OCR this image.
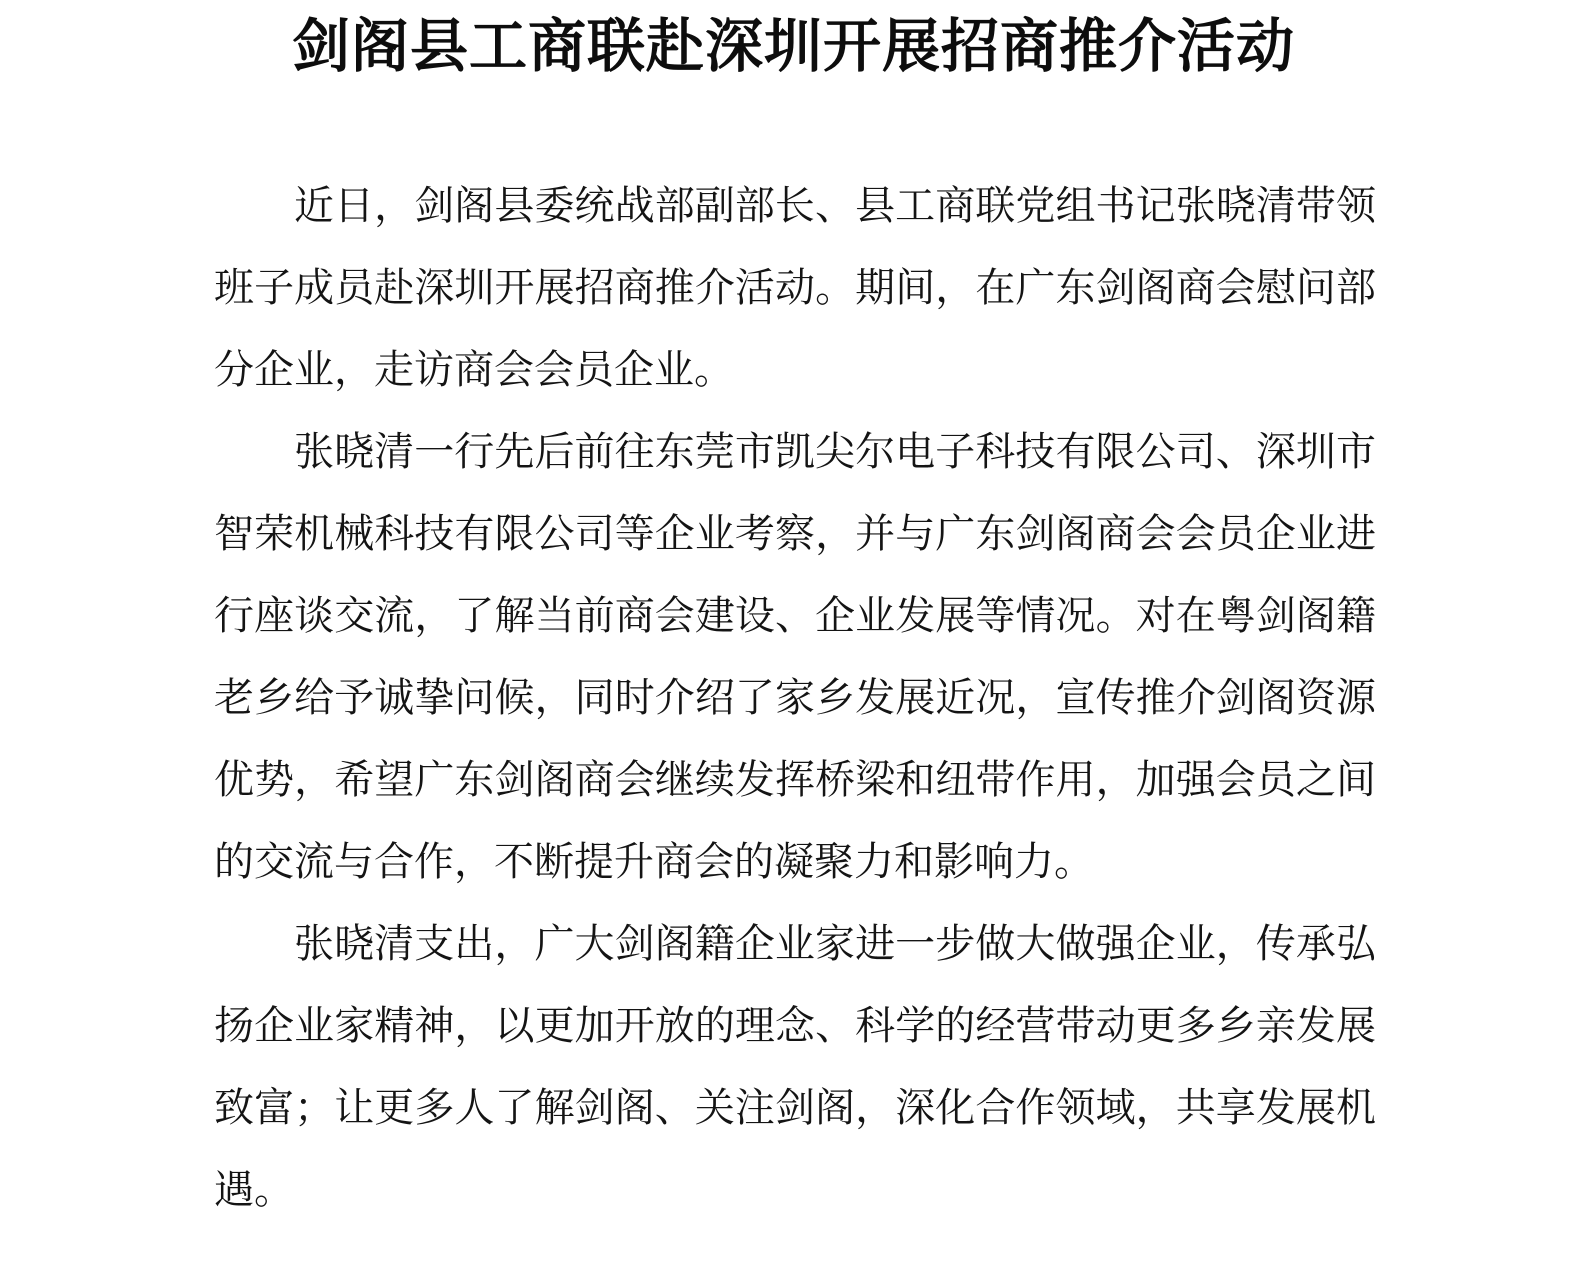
剑阁县工商联赴深圳开展招商推介活动

近日，剑阁县委统战部副部长、县工商联党组书记张晓清带领班子成员赴深圳开展招商推介活动。期间，在广东剑阁商会慰问部分企业，走访商会会员企业。

张晓清一行先后前往东莞市凯尖尔电子科技有限公司、深圳市智荣机械科技有限公司等企业考察，并与广东剑阁商会会员企业进行座谈交流，了解当前商会建设、企业发展等情况。对在粤剑阁籍老乡给予诚挚问候，同时介绍了家乡发展近况，宣传推介剑阁资源优势，希望广东剑阁商会继续发挥桥梁和纽带作用，加强会员之间的交流与合作，不断提升商会的凝聚力和影响力。

张晓清支出，广大剑阁籍企业家进一步做大做强企业，传承弘扬企业家精神，以更加开放的理念、科学的经营带动更多乡亲发展致富；让更多人了解剑阁、关注剑阁，深化合作领域，共享发展机遇。
